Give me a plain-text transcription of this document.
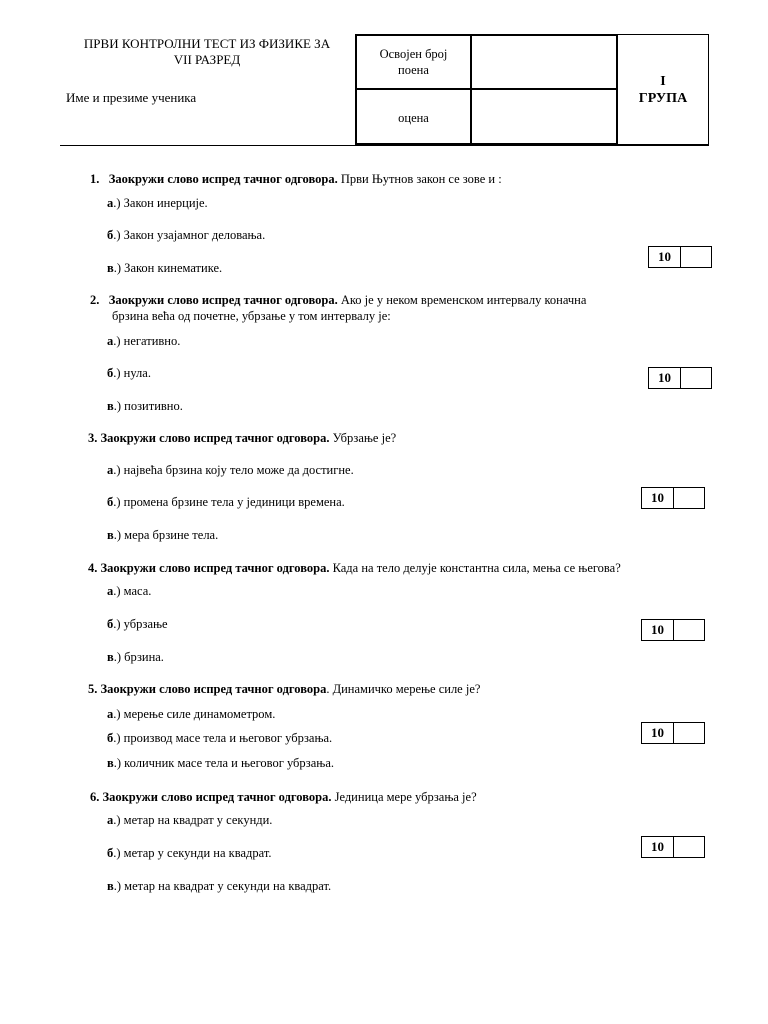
ПРВИ КОНТРОЛНИ ТЕСТ ИЗ ФИЗИКЕ ЗА
VII РАЗРЕД
Име и презиме ученика
Освојен број
поена
оцена
I
ГРУПА
1. Заокружи слово испред тачног одговора. Први Њутнов закон се зове и :
а.) Закон инерције.
б.) Закон узајамног деловања.
в.) Закон кинематике.
10
2. Заокружи слово испред тачног одговора. Ако је у неком временском интервалу коначна
брзина већа од почетне, убрзање у том интервалу је:
а.) негативно.
б.) нула.
в.) позитивно.
10
3. Заокружи слово испред тачног одговора. Убрзање је?
а.) највећа брзина коју тело може да достигне.
б.) промена брзине тела у јединици времена.
в.) мера брзине тела.
10
4. Заокружи слово испред тачног одговора. Када на тело делује константна сила, мења се његова?
а.) маса.
б.) убрзање
в.) брзина.
10
5. Заокружи слово испред тачног одговора. Динамичко мерење силе је?
а.) мерење силе динамометром.
б.) производ масе тела и његовог убрзања.
в.) количник масе тела и његовог убрзања.
10
6. Заокружи слово испред тачног одговора. Јединица мере убрзања је?
а.) метар на квадрат у секунди.
б.) метар у секунди на квадрат.
в.) метар на квадрат у секунди на квадрат.
10
